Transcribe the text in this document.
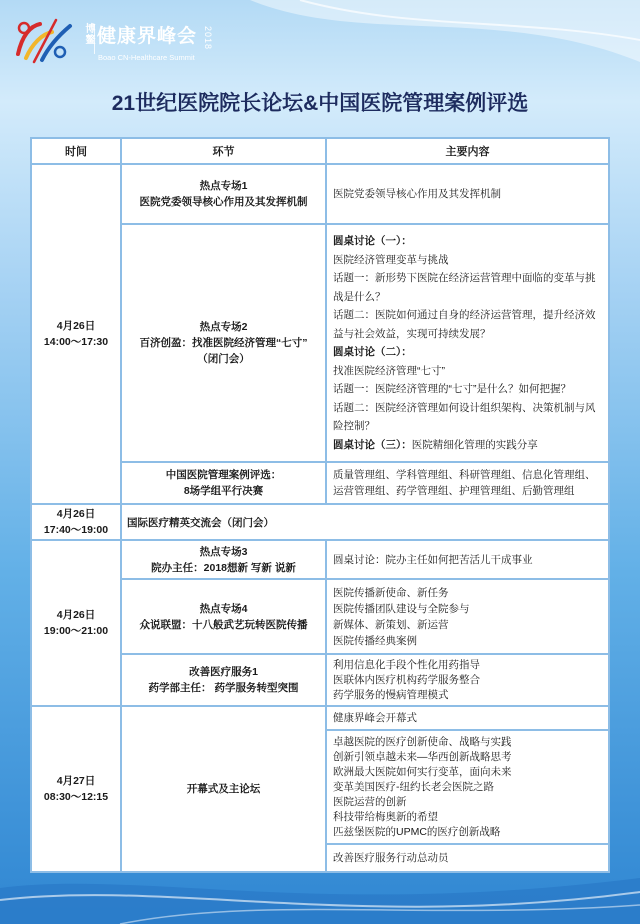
博鳌 健康界峰会
Boao CN-Healthcare Summit
2018
21世纪医院院长论坛&中国医院管理案例评选
时间	环节	主要内容
4月26日
14:00～17:30
热点专场1
医院党委领导核心作用及其发挥机制
医院党委领导核心作用及其发挥机制
热点专场2
百济创盈：找准医院经济管理“七寸”
（闭门会）
圆桌讨论（一）：
医院经济管理变革与挑战
话题一：新形势下医院在经济运营管理中面临的变革与挑战是什么？
话题二：医院如何通过自身的经济运营管理，提升经济效益与社会效益，实现可持续发展？
圆桌讨论（二）：
找准医院经济管理“七寸”
话题一：医院经济管理的“七寸”是什么？如何把握？
话题二：医院经济管理如何设计组织架构、决策机制与风险控制？
圆桌讨论（三）：医院精细化管理的实践分享
中国医院管理案例评选：
8场学组平行决赛
质量管理组、学科管理组、科研管理组、信息化管理组、运营管理组、药学管理组、护理管理组、后勤管理组
4月26日
17:40～19:00
国际医疗精英交流会（闭门会）
4月26日
19:00～21:00
热点专场3
院办主任：2018想新 写新 说新
圆桌讨论：院办主任如何把苦活儿干成事业
热点专场4
众说联盟：十八般武艺玩转医院传播
医院传播新使命、新任务
医院传播团队建设与全院参与
新媒体、新策划、新运营
医院传播经典案例
改善医疗服务1
药学部主任： 药学服务转型突围
利用信息化手段个性化用药指导
医联体内医疗机构药学服务整合
药学服务的慢病管理模式
4月27日
08:30～12:15
开幕式及主论坛
健康界峰会开幕式
卓越医院的医疗创新使命、战略与实践
创新引领卓越未来—华西创新战略思考
欧洲最大医院如何实行变革，面向未来
变革美国医疗-纽约长老会医院之路
医院运营的创新
科技带给梅奥新的希望
匹兹堡医院的UPMC的医疗创新战略
改善医疗服务行动总动员
